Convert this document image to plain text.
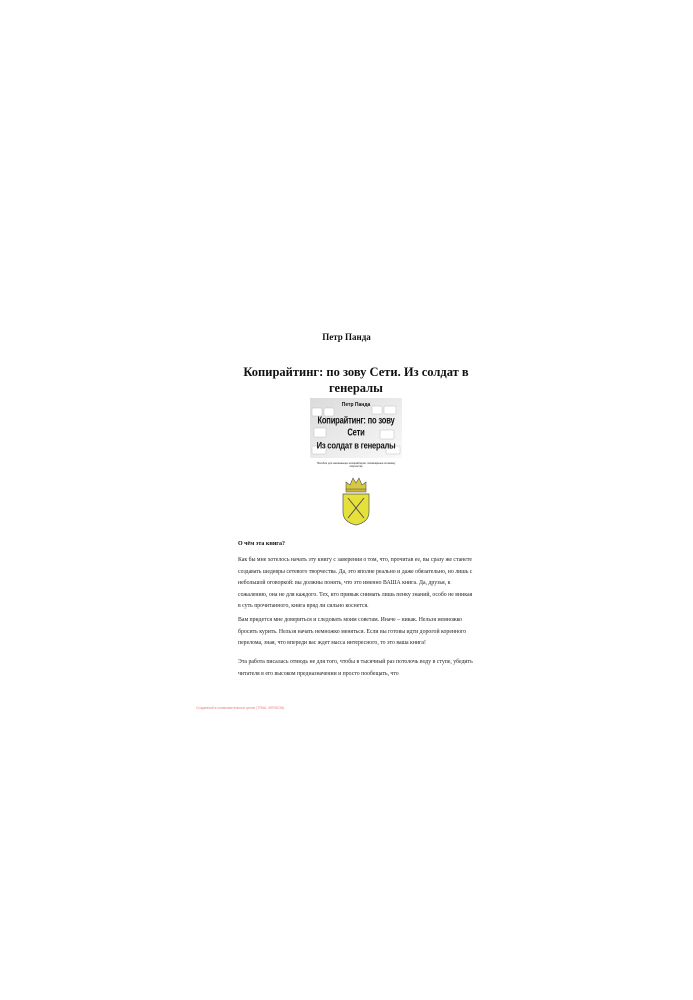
Петр Панда
Копирайтинг: по зову Сети. Из солдат в генералы
Петр Панда
Копирайтинг: по зову Сети
Из солдат в генералы
Пособие для начинающих копирайтеров, посвящённое сетевому творчеству
О чём эта книга?

Как бы мне хотелось начать эту книгу с заверения о том, что, прочитав ее, вы сразу же станете создавать шедевры сетевого творчества. Да, это вполне реально и даже обязательно, но лишь с небольшой оговоркой: вы должны понять, что это именно ВАША книга. Да, друзья, к сожалению, она не для каждого. Тех, кто привык снимать лишь пенку знаний, особо не вникая в суть прочитанного, книга вряд ли сильно коснется.

Вам придется мне довериться и следовать моим советам. Иначе – никак. Нельзя немножко бросить курить. Нельзя начать немножко меняться. Если вы готовы идти дорогой коренного перелома, зная, что впереди вас ждет масса интересного, то это ваша книга!

Эта работа писалась отнюдь не для того, чтобы в тысячный раз потолочь воду в ступе, убедить читателя в его высоком предназначении и просто пообещать, что

Созданный в ознакомительных целях (TRIAL VERSION)
